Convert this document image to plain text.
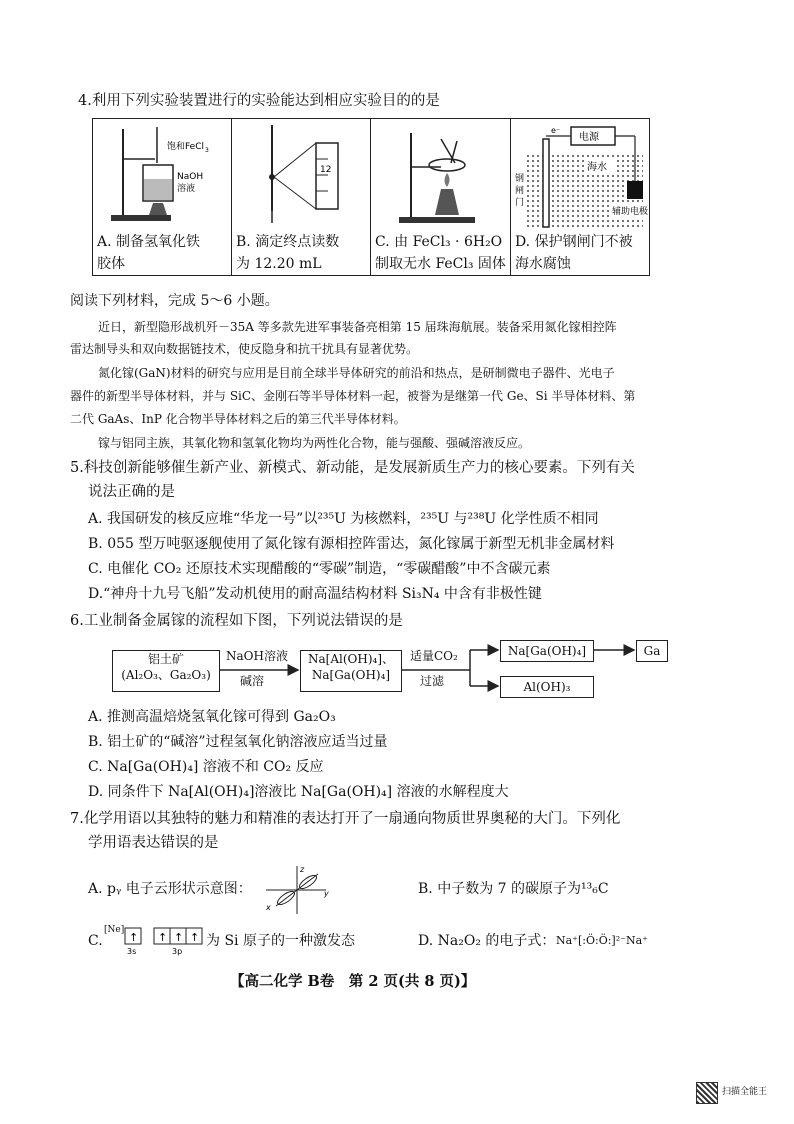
4.利用下列实验装置进行的实验能达到相应实验目的的是
饱和FeCl 3
NaOH
溶液
A. 制备氢氧化铁
胶体

12
B. 滴定终点读数
为 12.20 mL

C. 由 FeCl₃ · 6H₂O
制取无水 FeCl₃ 固体

电源
海水
辅助电极
钢
闸
门
e⁻
D. 保护钢闸门不被
海水腐蚀
阅读下列材料，完成 5～6 小题。
近日，新型隐形战机歼－35A 等多款先进军事装备亮相第 15 届珠海航展。装备采用氮化镓相控阵
雷达制导头和双向数据链技术，使反隐身和抗干扰具有显著优势。
氮化镓(GaN)材料的研究与应用是目前全球半导体研究的前沿和热点，是研制微电子器件、光电子
器件的新型半导体材料，并与 SiC、金刚石等半导体材料一起，被誉为是继第一代 Ge、Si 半导体材料、第
二代 GaAs、InP 化合物半导体材料之后的第三代半导体材料。
镓与铝同主族，其氧化物和氢氧化物均为两性化合物，能与强酸、强碱溶液反应。
5.科技创新能够催生新产业、新模式、新动能，是发展新质生产力的核心要素。下列有关
说法正确的是
A. 我国研发的核反应堆“华龙一号”以²³⁵U 为核燃料，²³⁵U 与²³⁸U 化学性质不相同
B. 055 型万吨驱逐舰使用了氮化镓有源相控阵雷达，氮化镓属于新型无机非金属材料
C. 电催化 CO₂ 还原技术实现醋酸的“零碳”制造，“零碳醋酸”中不含碳元素
D.“神舟十九号飞船”发动机使用的耐高温结构材料 Si₃N₄ 中含有非极性键
6.工业制备金属镓的流程如下图，下列说法错误的是
铝土矿
(Al₂O₃、Ga₂O₃)
Na[Al(OH)₄]、
Na[Ga(OH)₄]
Na[Ga(OH)₄]	Ga
Al(OH)₃
NaOH溶液
碱溶
适量CO₂
过滤
A. 推测高温焙烧氢氧化镓可得到 Ga₂O₃
B. 铝土矿的“碱溶”过程氢氧化钠溶液应适当过量
C. Na[Ga(OH)₄] 溶液不和 CO₂ 反应
D. 同条件下 Na[Al(OH)₄]溶液比 Na[Ga(OH)₄] 溶液的水解程度大
7.化学用语以其独特的魅力和精准的表达打开了一扇通向物质世界奥秘的大门。下列化
学用语表达错误的是
A. pᵧ 电子云形状示意图：
z
y
x
B. 中子数为 7 的碳原子为¹³₆C
C.
[Ne]
↑ ↑ ↑ ↑
3s	3p
为 Si 原子的一种激发态	D. Na₂O₂ 的电子式： Na⁺[:Ö:Ö:]²⁻Na⁺
【高二化学 B卷　第 2 页(共 8 页)】
扫描全能王
